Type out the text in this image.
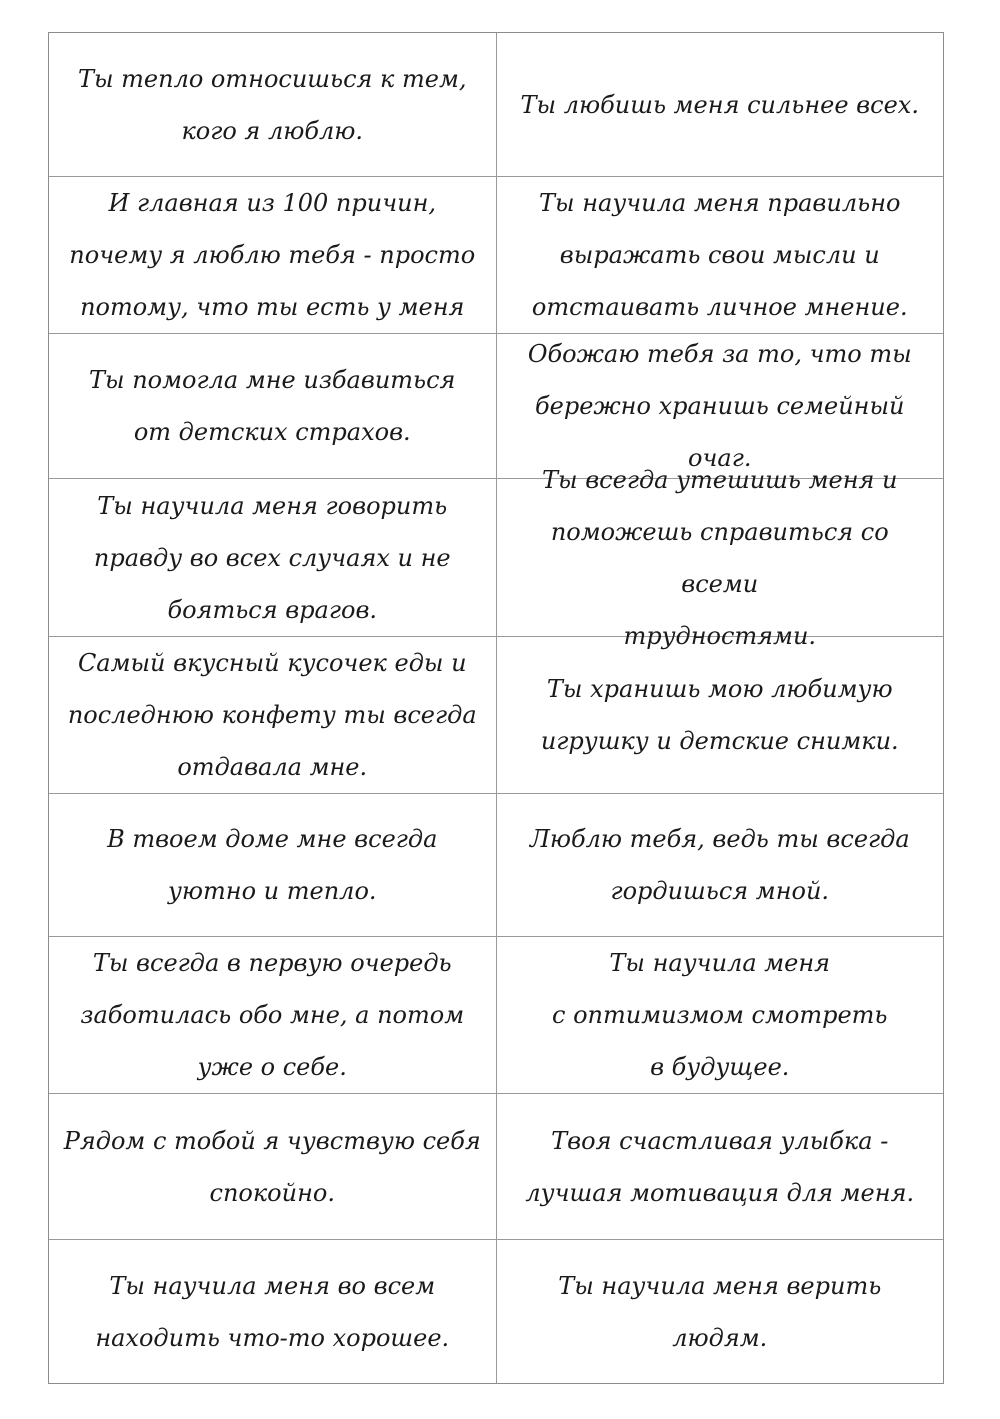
Ты тепло относишься к тем,
кого я люблю.
Ты любишь меня сильнее всех.
И главная из 100 причин,
почему я люблю тебя - просто
потому, что ты есть у меня
Ты научила меня правильно
выражать свои мысли и
отстаивать личное мнение.
Ты помогла мне избавиться
от детских страхов.
Обожаю тебя за то, что ты
бережно хранишь семейный очаг.
Ты научила меня говорить
правду во всех случаях и не
бояться врагов.
Ты всегда утешишь меня и
поможешь справиться со всеми
трудностями.
Самый вкусный кусочек еды и
последнюю конфету ты всегда
отдавала мне.
Ты хранишь мою любимую
игрушку и детские снимки.
В твоем доме мне всегда
уютно и тепло.
Люблю тебя, ведь ты всегда
гордишься мной.
Ты всегда в первую очередь
заботилась обо мне, а потом
уже о себе.
Ты научила меня
с оптимизмом смотреть
в будущее.
Рядом с тобой я чувствую себя
спокойно.
Твоя счастливая улыбка -
лучшая мотивация для меня.
Ты научила меня во всем
находить что-то хорошее.
Ты научила меня верить
людям.
